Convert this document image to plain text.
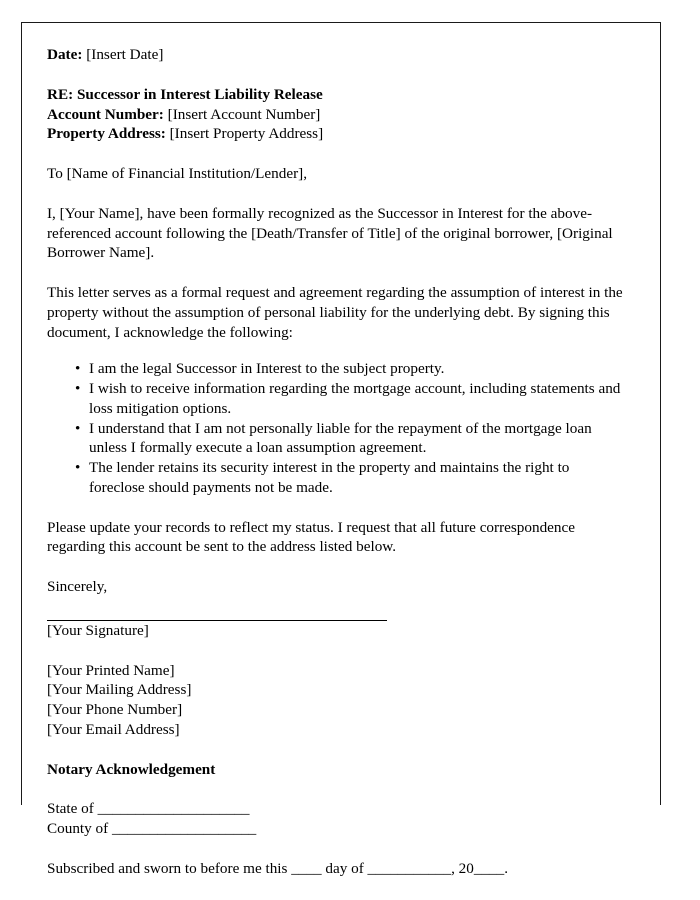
Date: [Insert Date]

RE: Successor in Interest Liability Release

Account Number: [Insert Account Number]

Property Address: [Insert Property Address]

To [Name of Financial Institution/Lender],

I, [Your Name], have been formally recognized as the Successor in Interest for the above-referenced account following the [Death/Transfer of Title] of the original borrower, [Original Borrower Name].

This letter serves as a formal request and agreement regarding the assumption of interest in the property without the assumption of personal liability for the underlying debt. By signing this document, I acknowledge the following:

• I am the legal Successor in Interest to the subject property.
• I wish to receive information regarding the mortgage account, including statements and loss mitigation options.
• I understand that I am not personally liable for the repayment of the mortgage loan unless I formally execute a loan assumption agreement.
• The lender retains its security interest in the property and maintains the right to foreclose should payments not be made.

Please update your records to reflect my status. I request that all future correspondence regarding this account be sent to the address listed below.

Sincerely,

[Your Signature]

[Your Printed Name]

[Your Mailing Address]

[Your Phone Number]

[Your Email Address]

Notary Acknowledgement

State of ____________________

County of ___________________

Subscribed and sworn to before me this ____ day of ___________, 20____.
